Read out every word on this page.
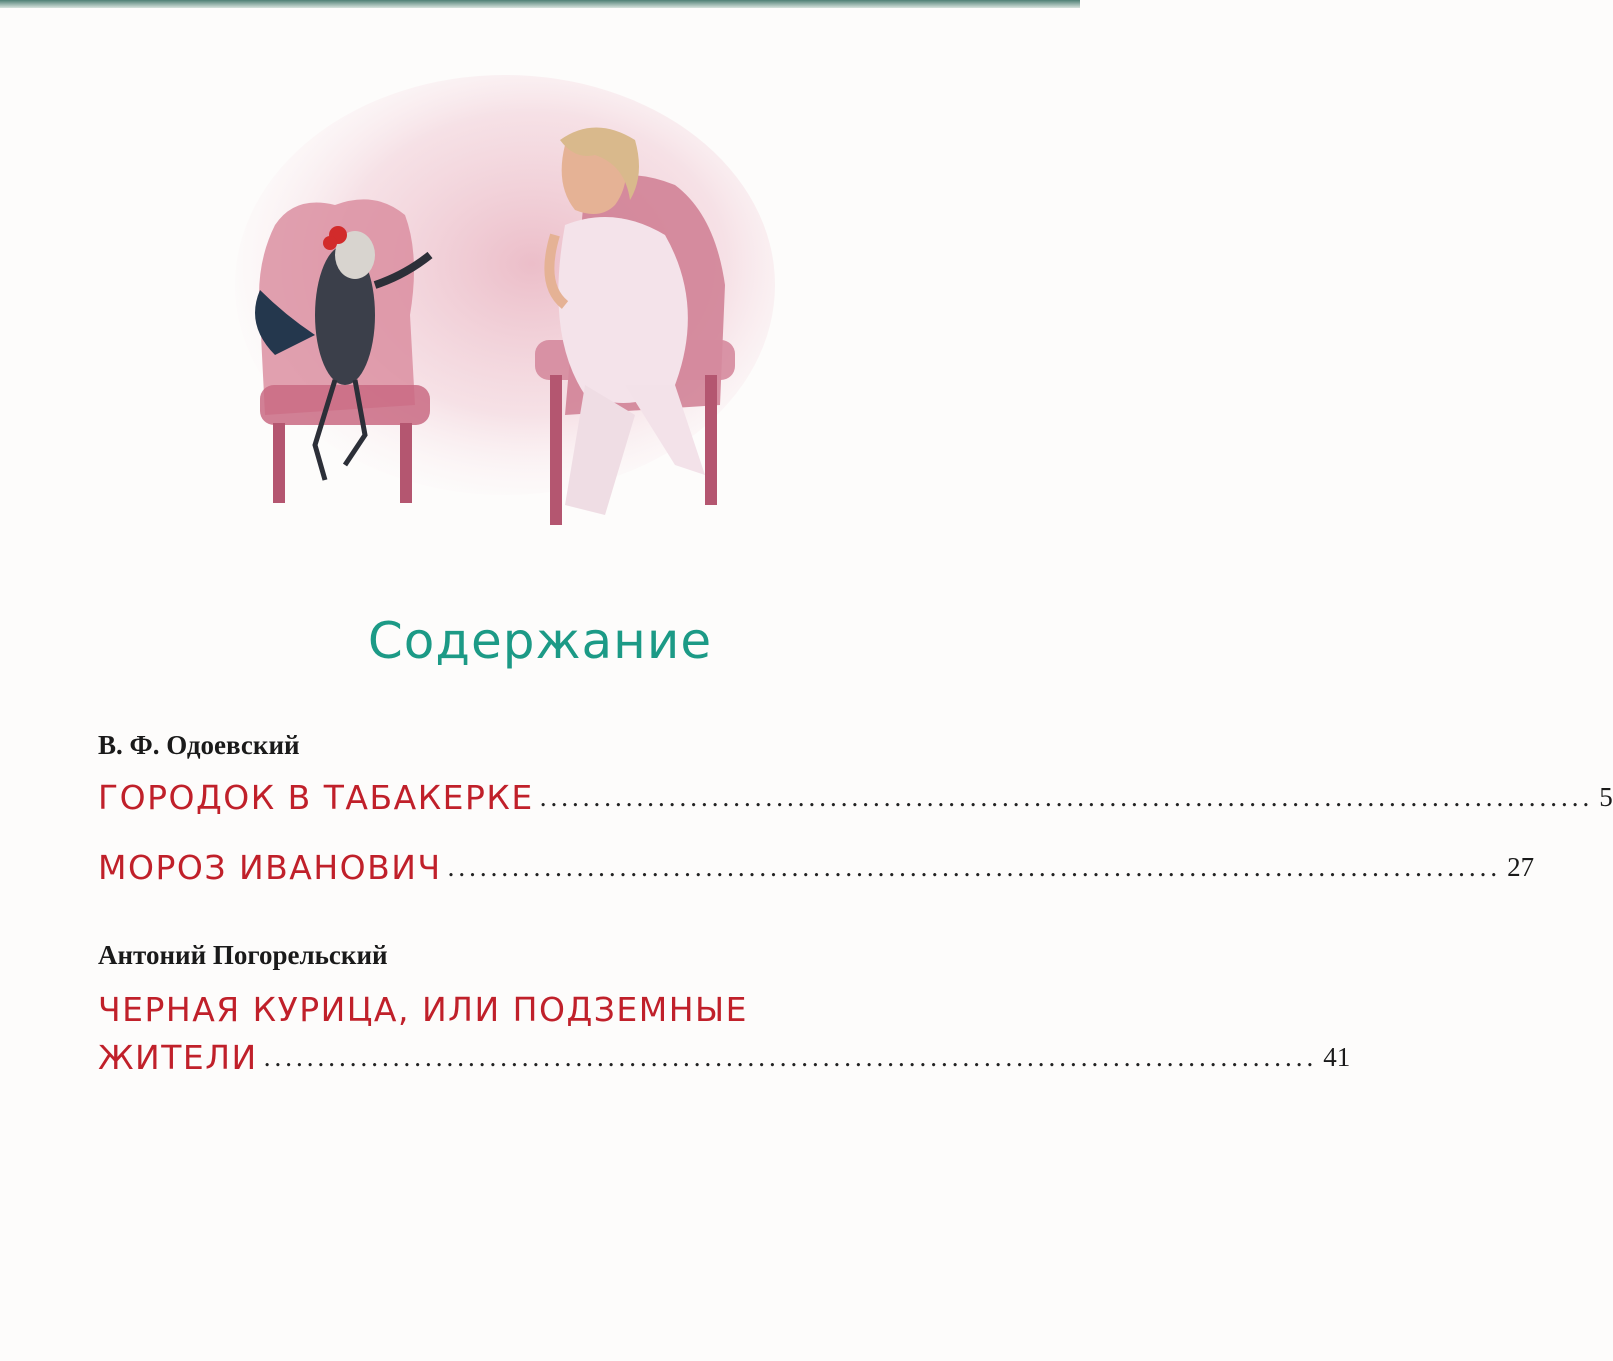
Содержание
В. Ф. Одоевский
ГОРОДОК В ТАБАКЕРКЕ .................................................................................................. 5
МОРОЗ ИВАНОВИЧ .................................................................................................. 27
Антоний Погорельский
ЧЕРНАЯ КУРИЦА, ИЛИ ПОДЗЕМНЫЕ
ЖИТЕЛИ .................................................................................................. 41
